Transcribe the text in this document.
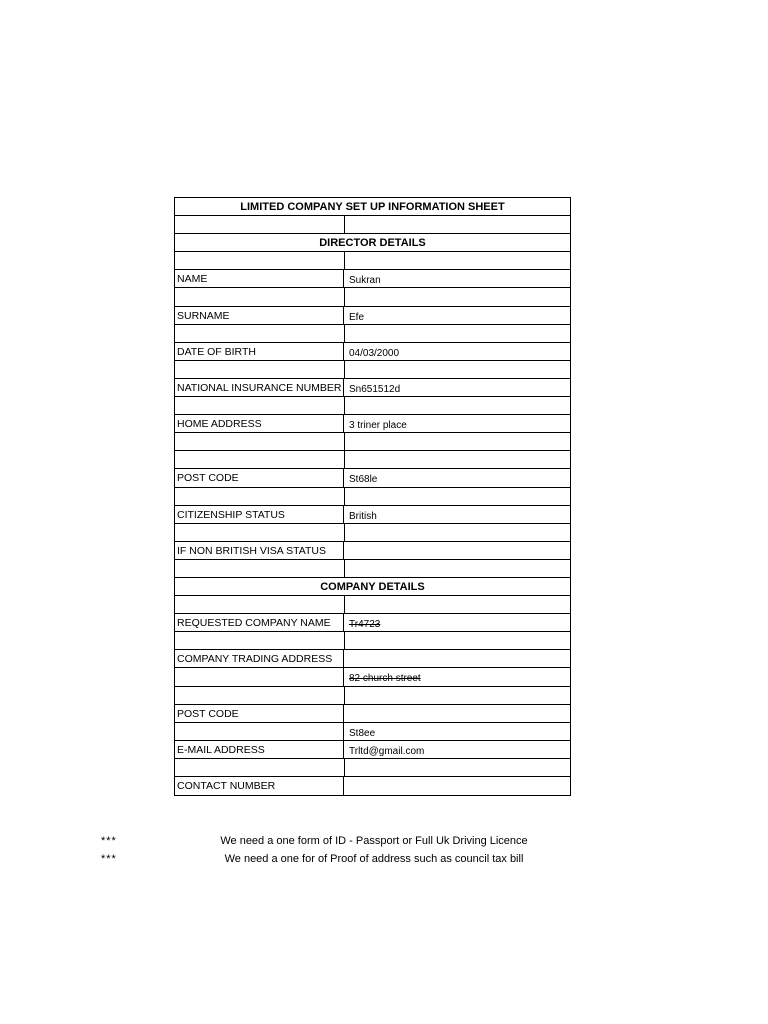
LIMITED COMPANY SET UP INFORMATION SHEET
DIRECTOR DETAILS
NAME	Sukran
SURNAME	Efe
DATE OF BIRTH	04/03/2000
NATIONAL INSURANCE NUMBER Sn651512d
HOME ADDRESS	3 triner place
POST CODE	St68le
CITIZENSHIP STATUS	British
IF NON BRITISH VISA STATUS
COMPANY DETAILS
REQUESTED COMPANY NAME	Tr4723
COMPANY TRADING ADDRESS
82 church street
POST CODE
St8ee
E-MAIL ADDRESS	Trltd@gmail.com
CONTACT NUMBER
***	We need a one form of ID - Passport or Full Uk Driving Licence
***	We need a one for of Proof of address such as council tax bill
